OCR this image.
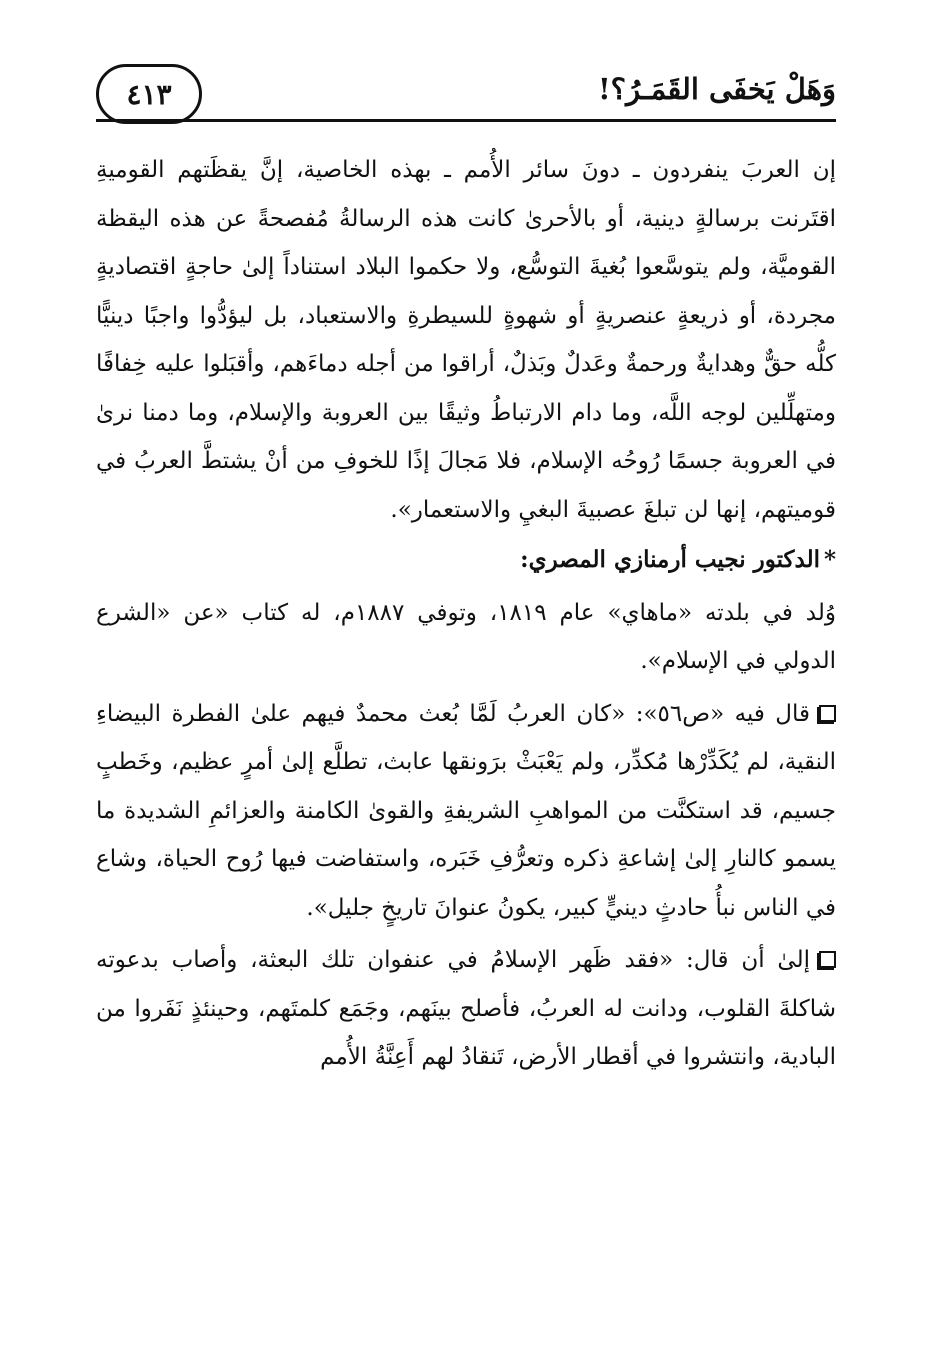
وَهَلْ يَخفَى القَمَـرُ؟!
٤١٣

إن العربَ ينفردون ـ دونَ سائر الأُمم ـ بهذه الخاصية، إنَّ يقظَتهم القوميةِ اقتَرنت برسالةٍ دينية، أو بالأحرىٰ كانت هذه الرسالةُ مُفصحةً عن هذه اليقظة القوميَّة، ولم يتوسَّعوا بُغيةَ التوسُّع، ولا حكموا البلاد استناداً إلىٰ حاجةٍ اقتصاديةٍ مجردة، أو ذريعةٍ عنصريةٍ أو شهوةٍ للسيطرةِ والاستعباد، بل ليؤدُّوا واجبًا دينيًّا كلُّه حقٌّ وهدايةٌ ورحمةٌ وعَدلٌ وبَذلٌ، أراقوا من أجله دماءَهم، وأقبَلوا عليه خِفافًا ومتهلِّلين لوجه اللَّه، وما دام الارتباطُ وثيقًا بين العروبة والإسلام، وما دمنا نرىٰ في العروبة جسمًا رُوحُه الإسلام، فلا مَجالَ إذًا للخوفِ من أنْ يشتطَّ العربُ في قوميتهم، إنها لن تبلغَ عصبيةَ البغيِ والاستعمار».

*الدكتور نجيب أرمنازي المصري:

وُلد في بلدته «ماهاي» عام ١٨١٩، وتوفي ١٨٨٧م، له كتاب «عن «الشرع الدولي في الإسلام».

قال فيه «ص٥٦»: «كان العربُ لَمَّا بُعث محمدٌ فيهم علىٰ الفطرة البيضاءِ النقية، لم يُكَدِّرْها مُكدِّر، ولم يَعْبَثْ برَونقها عابث، تطلَّع إلىٰ أمرٍ عظيم، وخَطبٍ جسيم، قد استكنَّت من المواهبِ الشريفةِ والقوىٰ الكامنة والعزائمِ الشديدة ما يسمو كالنارِ إلىٰ إشاعةِ ذكره وتعرُّفِ خَبَره، واستفاضت فيها رُوح الحياة، وشاع في الناس نبأُ حادثٍ دينيٍّ كبير، يكونُ عنوانَ تاريخٍ جليل».

إلىٰ أن قال: «فقد ظَهر الإسلامُ في عنفوان تلك البعثة، وأصاب بدعوته شاكلةَ القلوب، ودانت له العربُ، فأصلح بينَهم، وجَمَع كلمتَهم، وحينئذٍ نَفَروا من البادية، وانتشروا في أقطار الأرض، تَنقادُ لهم أَعِنَّةُ الأُمم
